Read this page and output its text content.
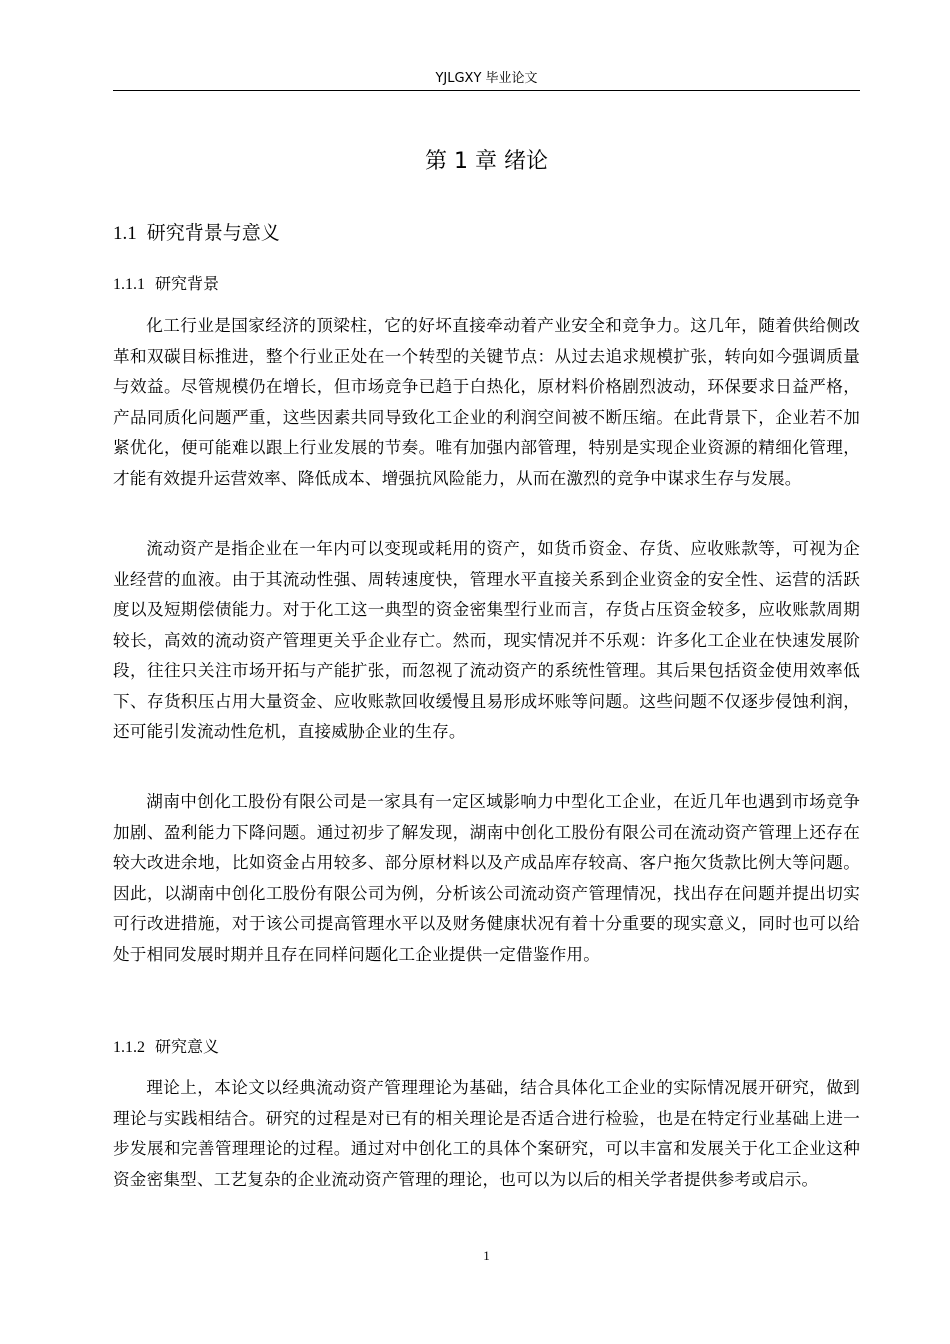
YJLGXY 毕业论文
第 1 章 绪论
1.1 研究背景与意义
1.1.1 研究背景
化工行业是国家经济的顶梁柱，它的好坏直接牵动着产业安全和竞争力。这几年，随着供给侧改革和双碳目标推进，整个行业正处在一个转型的关键节点：从过去追求规模扩张，转向如今强调质量与效益。尽管规模仍在增长，但市场竞争已趋于白热化，原材料价格剧烈波动，环保要求日益严格，产品同质化问题严重，这些因素共同导致化工企业的利润空间被不断压缩。在此背景下，企业若不加紧优化，便可能难以跟上行业发展的节奏。唯有加强内部管理，特别是实现企业资源的精细化管理，才能有效提升运营效率、降低成本、增强抗风险能力，从而在激烈的竞争中谋求生存与发展。
流动资产是指企业在一年内可以变现或耗用的资产，如货币资金、存货、应收账款等，可视为企业经营的血液。由于其流动性强、周转速度快，管理水平直接关系到企业资金的安全性、运营的活跃度以及短期偿债能力。对于化工这一典型的资金密集型行业而言，存货占压资金较多，应收账款周期较长，高效的流动资产管理更关乎企业存亡。然而，现实情况并不乐观：许多化工企业在快速发展阶段，往往只关注市场开拓与产能扩张，而忽视了流动资产的系统性管理。其后果包括资金使用效率低下、存货积压占用大量资金、应收账款回收缓慢且易形成坏账等问题。这些问题不仅逐步侵蚀利润，还可能引发流动性危机，直接威胁企业的生存。
湖南中创化工股份有限公司是一家具有一定区域影响力中型化工企业，在近几年也遇到市场竞争加剧、盈利能力下降问题。通过初步了解发现，湖南中创化工股份有限公司在流动资产管理上还存在较大改进余地，比如资金占用较多、部分原材料以及产成品库存较高、客户拖欠货款比例大等问题。因此，以湖南中创化工股份有限公司为例，分析该公司流动资产管理情况，找出存在问题并提出切实可行改进措施，对于该公司提高管理水平以及财务健康状况有着十分重要的现实意义，同时也可以给处于相同发展时期并且存在同样问题化工企业提供一定借鉴作用。
1.1.2 研究意义
理论上，本论文以经典流动资产管理理论为基础，结合具体化工企业的实际情况展开研究，做到理论与实践相结合。研究的过程是对已有的相关理论是否适合进行检验，也是在特定行业基础上进一步发展和完善管理理论的过程。通过对中创化工的具体个案研究，可以丰富和发展关于化工企业这种资金密集型、工艺复杂的企业流动资产管理的理论，也可以为以后的相关学者提供参考或启示。
1
